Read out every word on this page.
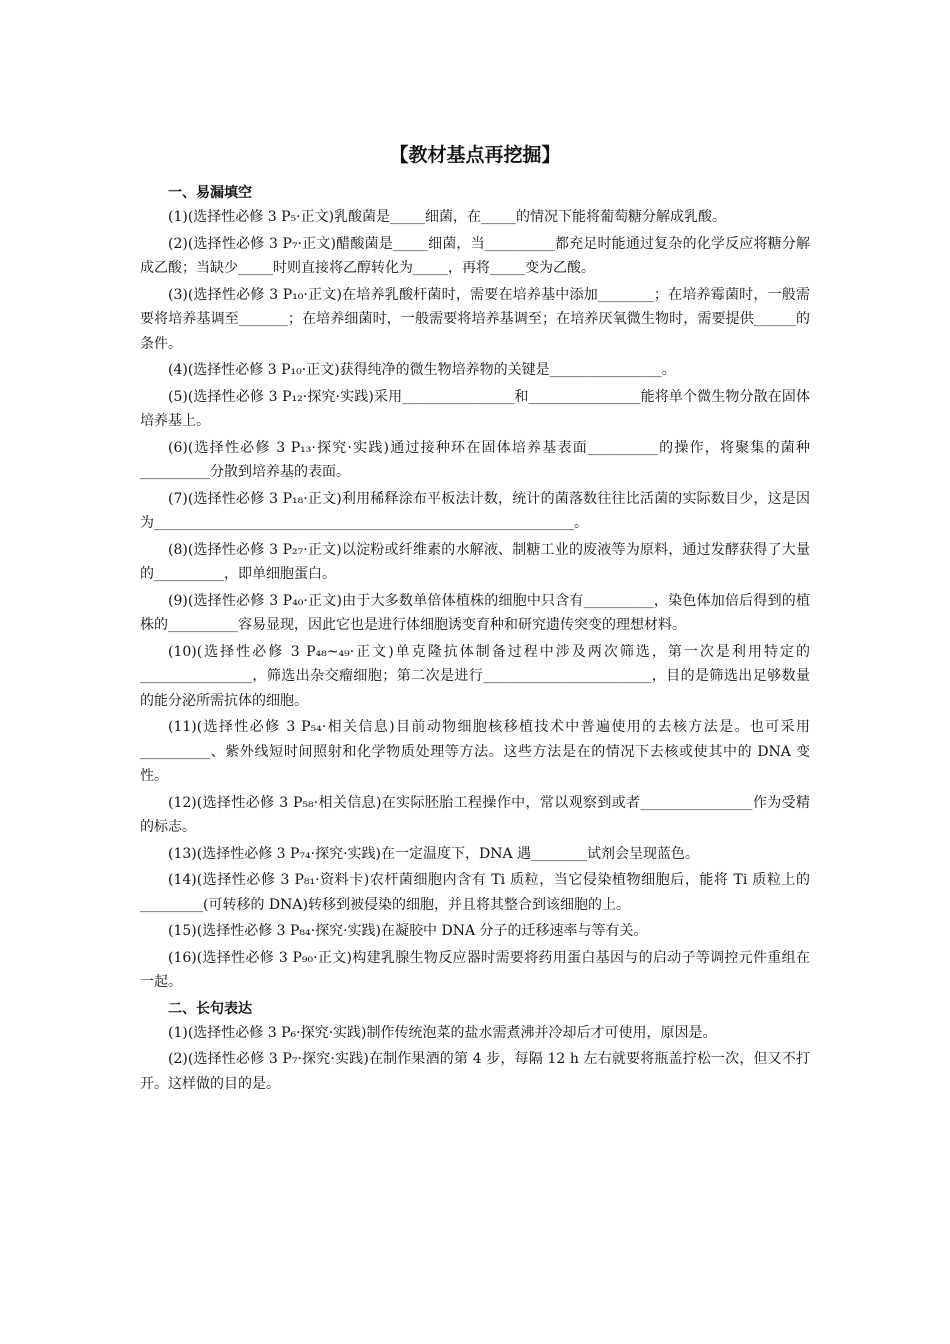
【教材基点再挖掘】

一、易漏填空

(1)(选择性必修 3 P₅·正文)乳酸菌是_____细菌，在_____的情况下能将葡萄糖分解成乳酸。

(2)(选择性必修 3 P₇·正文)醋酸菌是_____细菌，当__________都充足时能通过复杂的化学反应将糖分解成乙酸；当缺少_____时则直接将乙醇转化为_____，再将_____变为乙酸。

(3)(选择性必修 3 P₁₀·正文)在培养乳酸杆菌时，需要在培养基中添加________；在培养霉菌时，一般需要将培养基调至_______；在培养细菌时，一般需要将培养基调至；在培养厌氧微生物时，需要提供______的条件。

(4)(选择性必修 3 P₁₀·正文)获得纯净的微生物培养物的关键是________________。

(5)(选择性必修 3 P₁₂·探究·实践)采用________________和________________能将单个微生物分散在固体培养基上。

(6)(选择性必修 3 P₁₃·探究·实践)通过接种环在固体培养基表面__________的操作，将聚集的菌种__________分散到培养基的表面。

(7)(选择性必修 3 P₁₈·正文)利用稀释涂布平板法计数，统计的菌落数往往比活菌的实际数目少，这是因为____________________________________________________________。

(8)(选择性必修 3 P₂₇·正文)以淀粉或纤维素的水解液、制糖工业的废液等为原料，通过发酵获得了大量的__________，即单细胞蛋白。

(9)(选择性必修 3 P₄₀·正文)由于大多数单倍体植株的细胞中只含有__________，染色体加倍后得到的植株的__________容易显现，因此它也是进行体细胞诱变育种和研究遗传突变的理想材料。

(10)(选择性必修 3 P₄₈~₄₉·正文)单克隆抗体制备过程中涉及两次筛选，第一次是利用特定的________________，筛选出杂交瘤细胞；第二次是进行________________________，目的是筛选出足够数量的能分泌所需抗体的细胞。

(11)(选择性必修 3 P₅₄·相关信息)目前动物细胞核移植技术中普遍使用的去核方法是。也可采用__________、紫外线短时间照射和化学物质处理等方法。这些方法是在的情况下去核或使其中的 DNA 变性。

(12)(选择性必修 3 P₅₈·相关信息)在实际胚胎工程操作中，常以观察到或者________________作为受精的标志。

(13)(选择性必修 3 P₇₄·探究·实践)在一定温度下，DNA 遇________试剂会呈现蓝色。

(14)(选择性必修 3 P₈₁·资料卡)农杆菌细胞内含有 Ti 质粒，当它侵染植物细胞后，能将 Ti 质粒上的_________(可转移的 DNA)转移到被侵染的细胞，并且将其整合到该细胞的上。

(15)(选择性必修 3 P₈₄·探究·实践)在凝胶中 DNA 分子的迁移速率与等有关。

(16)(选择性必修 3 P₉₀·正文)构建乳腺生物反应器时需要将药用蛋白基因与的启动子等调控元件重组在一起。

二、长句表达

(1)(选择性必修 3 P₆·探究·实践)制作传统泡菜的盐水需煮沸并冷却后才可使用，原因是。

(2)(选择性必修 3 P₇·探究·实践)在制作果酒的第 4 步，每隔 12 h 左右就要将瓶盖拧松一次，但又不打开。这样做的目的是。
